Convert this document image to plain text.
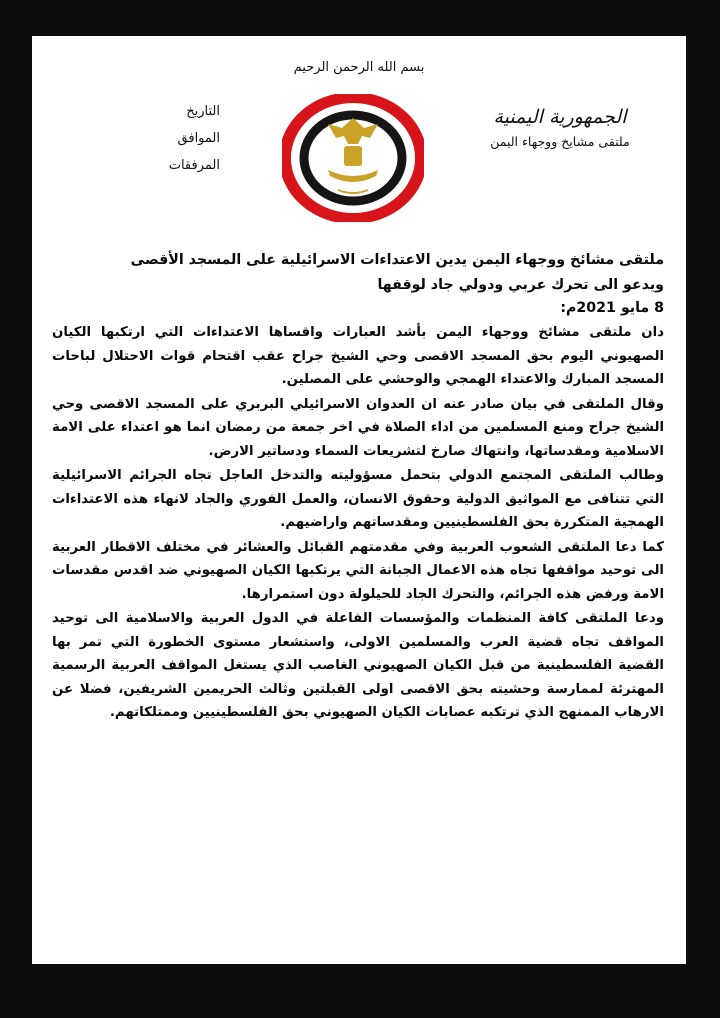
بسم الله الرحمن الرحيم
الجمهورية اليمنية
ملتقى مشايخ ووجهاء اليمن
التاريخ
الموافق
المرفقات
ملتقى مشائخ ووجهاء اليمن يدين الاعتداءات الاسرائيلية على المسجد الأقصى
ويدعو الى تحرك عربي ودولي جاد لوقفها
8 مايو 2021م:

دان ملتقى مشائخ ووجهاء اليمن بأشد العبارات واقساها الاعتداءات التي ارتكبها الكيان الصهيوني اليوم بحق المسجد الاقصى وحي الشيخ جراح عقب اقتحام قوات الاحتلال لباحات المسجد المبارك والاعتداء الهمجي والوحشي على المصلين.

وقال الملتقى في بيان صادر عنه ان العدوان الاسرائيلي البربري على المسجد الاقصى وحي الشيخ جراح ومنع المسلمين من اداء الصلاة في اخر جمعة من رمضان انما هو اعتداء على الامة الاسلامية ومقدساتها، وانتهاك صارخ لتشريعات السماء ودساتير الارض.

وطالب الملتقى المجتمع الدولي بتحمل مسؤوليته والتدخل العاجل تجاه الجرائم الاسرائيلية التي تتنافى مع المواثيق الدولية وحقوق الانسان، والعمل الفوري والجاد لانهاء هذه الاعتداءات الهمجية المتكررة بحق الفلسطينيين ومقدساتهم واراضيهم.

كما دعا الملتقى الشعوب العربية وفي مقدمتهم القبائل والعشائر في مختلف الاقطار العربية الى توحيد مواقفها تجاه هذه الاعمال الجبانة التي يرتكبها الكيان الصهيوني ضد اقدس مقدسات الامة ورفض هذه الجرائم، والتحرك الجاد للحيلولة دون استمرارها.

ودعا الملتقى كافة المنظمات والمؤسسات الفاعلة في الدول العربية والاسلامية الى توحيد المواقف تجاه قضية العرب والمسلمين الاولى، واستشعار مستوى الخطورة التي تمر بها القضية الفلسطينية من قبل الكيان الصهيوني الغاصب الذي يستغل المواقف العربية الرسمية المهترئة لممارسة وحشيته بحق الاقصى اولى القبلتين وثالث الحريمين الشريفين، فضلا عن الارهاب الممنهج الذي ترتكبه عصابات الكيان الصهيوني بحق الفلسطينيين وممتلكاتهم.
